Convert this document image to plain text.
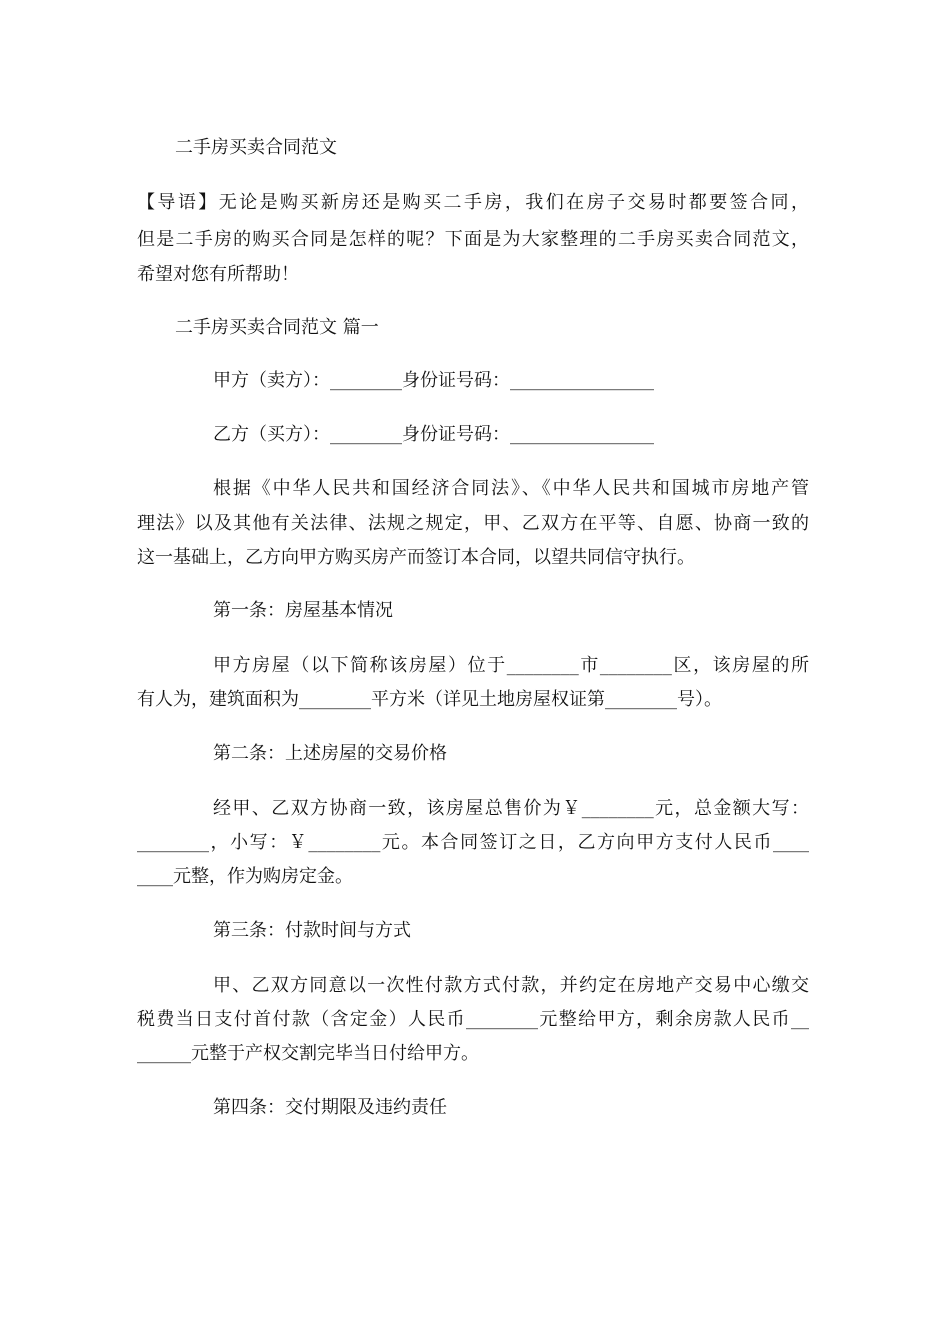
二手房买卖合同范文
【导语】无论是购买新房还是购买二手房，我们在房子交易时都要签合同，
但是二手房的购买合同是怎样的呢？下面是为大家整理的二手房买卖合同范文，
希望对您有所帮助！
二手房买卖合同范文 篇一
甲方（卖方）：________身份证号码：________________
乙方（买方）：________身份证号码：________________
根据《中华人民共和国经济合同法》、《中华人民共和国城市房地产管
理法》以及其他有关法律、法规之规定，甲、乙双方在平等、自愿、协商一致的
这一基础上，乙方向甲方购买房产而签订本合同，以望共同信守执行。
第一条：房屋基本情况
甲方房屋（以下简称该房屋）位于________市________区，该房屋的所
有人为，建筑面积为________平方米（详见土地房屋权证第________号）。
第二条：上述房屋的交易价格
经甲、乙双方协商一致，该房屋总售价为￥________元，总金额大写：
________，小写：￥________元。本合同签订之日，乙方向甲方支付人民币____
____元整，作为购房定金。
第三条：付款时间与方式
甲、乙双方同意以一次性付款方式付款，并约定在房地产交易中心缴交
税费当日支付首付款（含定金）人民币________元整给甲方，剩余房款人民币__
______元整于产权交割完毕当日付给甲方。
第四条：交付期限及违约责任
